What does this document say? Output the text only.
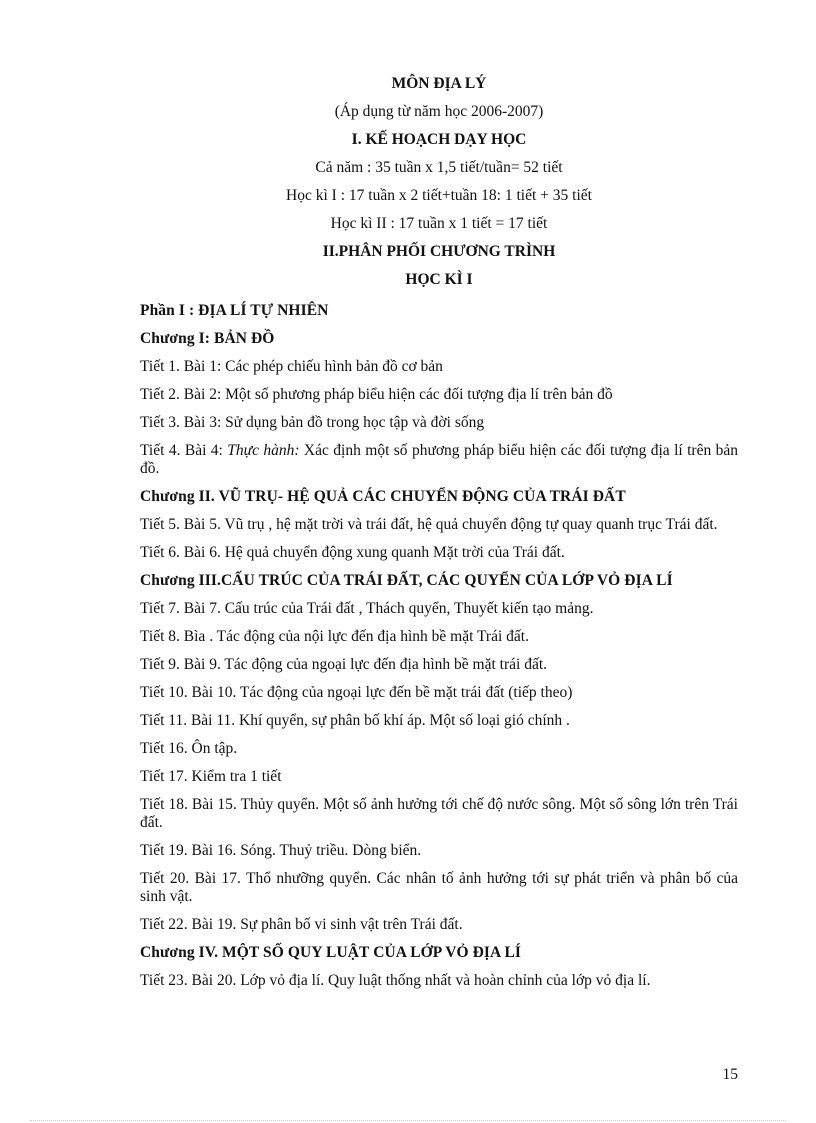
MÔN ĐỊA LÝ

(Áp dụng từ năm học 2006-2007)

I. KẾ HOẠCH DẠY HỌC

Cả năm : 35 tuần x 1,5 tiết/tuần= 52 tiết

Học kì I : 17 tuần x 2 tiết+tuần 18: 1 tiết + 35 tiết

Học kì II : 17 tuần x 1 tiết = 17 tiết

II.PHÂN PHỐI CHƯƠNG TRÌNH

HỌC KÌ I

Phần I : ĐỊA LÍ TỰ NHIÊN

Chương I: BẢN ĐỒ

Tiết 1. Bài 1: Các phép chiếu hình bản đồ cơ bản

Tiết 2. Bài 2: Một số phương pháp biểu hiện các đối tượng địa lí trên bản đồ

Tiết 3. Bài 3: Sử dụng bản đồ trong học tập và đời sống

Tiết 4. Bài 4: Thực hành: Xác định một số phương pháp biểu hiện các đối tượng địa lí trên bản đồ.

Chương II. VŨ TRỤ- HỆ QUẢ CÁC CHUYỂN ĐỘNG CỦA TRÁI ĐẤT

Tiết 5. Bài 5. Vũ trụ , hệ mặt trời và trái đất, hệ quả chuyển động tự quay quanh trục Trái đất.

Tiết 6. Bài 6. Hệ quả chuyển động xung quanh Mặt trời của Trái đất.

Chương III.CẤU TRÚC CỦA TRÁI ĐẤT, CÁC QUYỂN CỦA LỚP VỎ ĐỊA LÍ

Tiết 7. Bài 7. Cấu trúc của Trái đất , Thách quyển, Thuyết kiến tạo mảng.

Tiết 8. Bìa . Tác động của nội lực đến địa hình bề mặt Trái đất.

Tiết 9. Bài 9. Tác động của ngoại lực đến địa hình bề mặt trái đất.

Tiết 10. Bài 10. Tác động của ngoại lực đến bề mặt trái đất (tiếp theo)

Tiết 11. Bài 11. Khí quyển, sự phân bố khí áp. Một số loại gió chính .

Tiết 16. Ôn tập.

Tiết 17. Kiểm tra 1 tiết

Tiết 18. Bài 15. Thủy quyển. Một số ảnh hưởng tới chế độ nước sông. Một số sông lớn trên Trái đất.

Tiết 19. Bài 16. Sóng. Thuỷ triều. Dòng biển.

Tiết 20. Bài 17. Thổ nhưỡng quyển. Các nhân tố ảnh hưởng tới sự phát triển và phân bố của sinh vật.

Tiết 22. Bài 19. Sự phân bố vi sinh vật trên Trái đất.

Chương IV. MỘT SỐ QUY LUẬT CỦA LỚP VỎ ĐỊA LÍ

Tiết 23. Bài 20. Lớp vỏ địa lí. Quy luật thống nhất và hoàn chỉnh của lớp vỏ địa lí.

15
